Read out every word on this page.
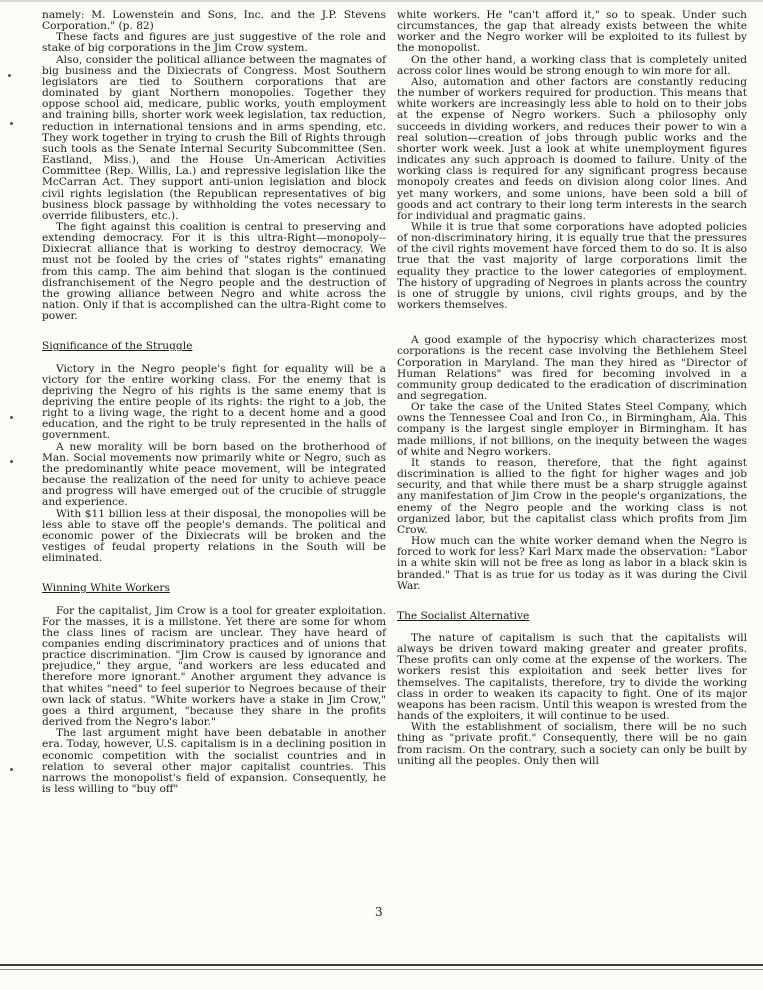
namely: M. Lowenstein and Sons, Inc. and the J.P. Stevens Corporation." (p. 82)

These facts and figures are just suggestive of the role and stake of big corporations in the Jim Crow system.

Also, consider the political alliance between the magnates of big business and the Dixiecrats of Congress. Most Southern legislators are tied to Southern corporations that are dominated by giant Northern monopolies. Together they oppose school aid, medicare, public works, youth employment and training bills, shorter work week legislation, tax reduction, reduction in international tensions and in arms spending, etc. They work together in trying to crush the Bill of Rights through such tools as the Senate Internal Security Subcommittee (Sen. Eastland, Miss.), and the House Un-American Activities Committee (Rep. Willis, La.) and repressive legislation like the McCarran Act. They support anti-union legislation and block civil rights legislation (the Republican representatives of big business block passage by withholding the votes necessary to override filibusters, etc.).

The fight against this coalition is central to preserving and extending democracy. For it is this ultra-Right—monopoly--Dixiecrat alliance that is working to destroy democracy. We must not be fooled by the cries of "states rights" emanating from this camp. The aim behind that slogan is the continued disfranchisement of the Negro people and the destruction of the growing alliance between Negro and white across the nation. Only if that is accomplished can the ultra-Right come to power.

Significance of the Struggle

Victory in the Negro people's fight for equality will be a victory for the entire working class. For the enemy that is depriving the Negro of his rights is the same enemy that is depriving the entire people of its rights: the right to a job, the right to a living wage, the right to a decent home and a good education, and the right to be truly represented in the halls of government.

A new morality will be born based on the brotherhood of Man. Social movements now primarily white or Negro, such as the predominantly white peace movement, will be integrated because the realization of the need for unity to achieve peace and progress will have emerged out of the crucible of struggle and experience.

With $11 billion less at their disposal, the monopolies will be less able to stave off the people's demands. The political and economic power of the Dixiecrats will be broken and the vestiges of feudal property relations in the South will be eliminated.

Winning White Workers

For the capitalist, Jim Crow is a tool for greater exploitation. For the masses, it is a millstone. Yet there are some for whom the class lines of racism are unclear. They have heard of companies ending discriminatory practices and of unions that practice discrimination. "Jim Crow is caused by ignorance and prejudice," they argue, "and workers are less educated and therefore more ignorant." Another argument they advance is that whites "need" to feel superior to Negroes because of their own lack of status. "White workers have a stake in Jim Crow," goes a third argument, "because they share in the profits derived from the Negro's labor."

The last argument might have been debatable in another era. Today, however, U.S. capitalism is in a declining position in economic competition with the socialist countries and in relation to several other major capitalist countries. This narrows the monopolist's field of expansion. Consequently, he is less willing to "buy off"

white workers. He "can't afford it," so to speak. Under such circumstances, the gap that already exists between the white worker and the Negro worker will be exploited to its fullest by the monopolist.

On the other hand, a working class that is completely united across color lines would be strong enough to win more for all.

Also, automation and other factors are constantly reducing the number of workers required for production. This means that white workers are increasingly less able to hold on to their jobs at the expense of Negro workers. Such a philosophy only succeeds in dividing workers, and reduces their power to win a real solution—creation of jobs through public works and the shorter work week. Just a look at white unemployment figures indicates any such approach is doomed to failure. Unity of the working class is required for any significant progress because monopoly creates and feeds on division along color lines. And yet many workers, and some unions, have been sold a bill of goods and act contrary to their long term interests in the search for individual and pragmatic gains.

While it is true that some corporations have adopted policies of non-discriminatory hiring, it is equally true that the pressures of the civil rights movement have forced them to do so. It is also true that the vast majority of large corporations limit the equality they practice to the lower categories of employment. The history of upgrading of Negroes in plants across the country is one of struggle by unions, civil rights groups, and by the workers themselves.

A good example of the hypocrisy which characterizes most corporations is the recent case involving the Bethlehem Steel Corporation in Maryland. The man they hired as "Director of Human Relations" was fired for becoming involved in a community group dedicated to the eradication of discrimination and segregation.

Or take the case of the United States Steel Company, which owns the Tennessee Coal and Iron Co., in Birmingham, Ala. This company is the largest single employer in Birmingham. It has made millions, if not billions, on the inequity between the wages of white and Negro workers.

It stands to reason, therefore, that the fight against discrimination is allied to the fight for higher wages and job security, and that while there must be a sharp struggle against any manifestation of Jim Crow in the people's organizations, the enemy of the Negro people and the working class is not organized labor, but the capitalist class which profits from Jim Crow.

How much can the white worker demand when the Negro is forced to work for less? Karl Marx made the observation: "Labor in a white skin will not be free as long as labor in a black skin is branded." That is as true for us today as it was during the Civil War.

The Socialist Alternative

The nature of capitalism is such that the capitalists will always be driven toward making greater and greater profits. These profits can only come at the expense of the workers. The workers resist this exploitation and seek better lives for themselves. The capitalists, therefore, try to divide the working class in order to weaken its capacity to fight. One of its major weapons has been racism. Until this weapon is wrested from the hands of the exploiters, it will continue to be used.

With the establishment of socialism, there will be no such thing as "private profit." Consequently, there will be no gain from racism. On the contrary, such a society can only be built by uniting all the peoples. Only then will

3
